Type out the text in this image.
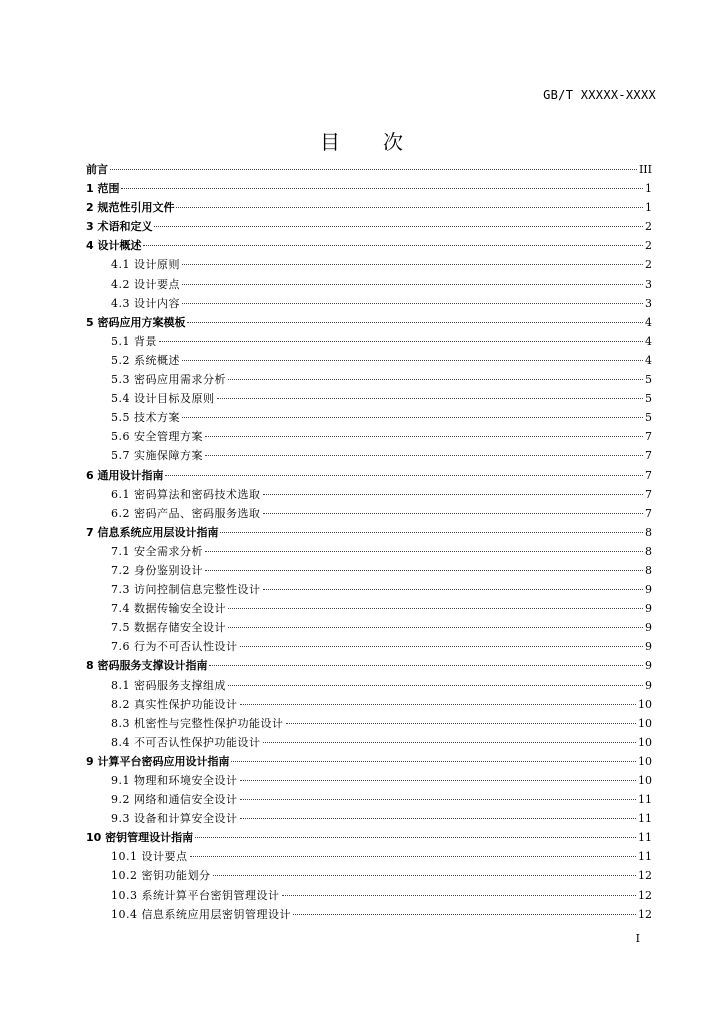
GB/T XXXXX-XXXX
目　　次
前言	III
1 范围	1
2 规范性引用文件	1
3 术语和定义	2
4 设计概述	2
4.1 设计原则	2
4.2 设计要点	3
4.3 设计内容	3
5 密码应用方案模板	4
5.1 背景	4
5.2 系统概述	4
5.3 密码应用需求分析	5
5.4 设计目标及原则	5
5.5 技术方案	5
5.6 安全管理方案	7
5.7 实施保障方案	7
6 通用设计指南	7
6.1 密码算法和密码技术选取	7
6.2 密码产品、密码服务选取	7
7 信息系统应用层设计指南	8
7.1 安全需求分析	8
7.2 身份鉴别设计	8
7.3 访问控制信息完整性设计	9
7.4 数据传输安全设计	9
7.5 数据存储安全设计	9
7.6 行为不可否认性设计	9
8 密码服务支撑设计指南	9
8.1 密码服务支撑组成	9
8.2 真实性保护功能设计	10
8.3 机密性与完整性保护功能设计	10
8.4 不可否认性保护功能设计	10
9 计算平台密码应用设计指南	10
9.1 物理和环境安全设计	10
9.2 网络和通信安全设计	11
9.3 设备和计算安全设计	11
10 密钥管理设计指南	11
10.1 设计要点	11
10.2 密钥功能划分	12
10.3 系统计算平台密钥管理设计	12
10.4 信息系统应用层密钥管理设计	12
I
